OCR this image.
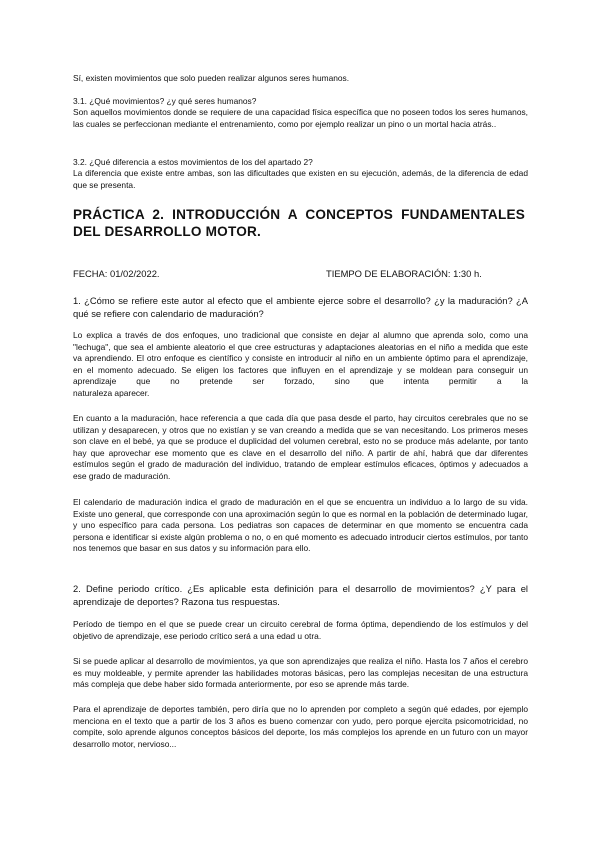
Sí, existen movimientos que solo pueden realizar algunos seres humanos.

3.1. ¿Qué movimientos? ¿y qué seres humanos?

Son aquellos movimientos donde se requiere de una capacidad física específica que no poseen todos los seres humanos, las cuales se perfeccionan mediante el entrenamiento, como por ejemplo realizar un pino o un mortal hacia atrás..

3.2. ¿Qué diferencia a estos movimientos de los del apartado 2?

La diferencia que existe entre ambas, son las dificultades que existen en su ejecución, además, de la diferencia de edad que se presenta.

PRÁCTICA 2. INTRODUCCIÓN A CONCEPTOS FUNDAMENTALES DEL DESARROLLO MOTOR.
FECHA: 01/02/2022.	TIEMPO DE ELABORACIÓN: 1:30 h.

1. ¿Cómo se refiere este autor al efecto que el ambiente ejerce sobre el desarrollo? ¿y la maduración? ¿A qué se refiere con calendario de maduración?

Lo explica a través de dos enfoques, uno tradicional que consiste en dejar al alumno que aprenda solo, como una "lechuga", que sea el ambiente aleatorio el que cree estructuras y adaptaciones aleatorias en el niño a medida que este va aprendiendo. El otro enfoque es científico y consiste en introducir al niño en un ambiente óptimo para el aprendizaje, en el momento adecuado. Se eligen los factores que influyen en el aprendizaje y se moldean para conseguir un aprendizaje que no pretende ser forzado, sino que intenta permitir a la

naturaleza aparecer.

En cuanto a la maduración, hace referencia a que cada día que pasa desde el parto, hay circuitos cerebrales que no se utilizan y desaparecen, y otros que no existían y se van creando a medida que se van necesitando. Los primeros meses son clave en el bebé, ya que se produce el duplicidad del volumen cerebral, esto no se produce más adelante, por tanto hay que aprovechar ese momento que es clave en el desarrollo del niño. A partir de ahí, habrá que dar diferentes estímulos según el grado de maduración del individuo, tratando de emplear estímulos eficaces, óptimos y adecuados a ese grado de maduración.

El calendario de maduración indica el grado de maduración en el que se encuentra un individuo a lo largo de su vida. Existe uno general, que corresponde con una aproximación según lo que es normal en la población de determinado lugar, y uno específico para cada persona. Los pediatras son capaces de determinar en que momento se encuentra cada persona e identificar si existe algún problema o no, o en qué momento es adecuado introducir ciertos estímulos, por tanto nos tenemos que basar en sus datos y su información para ello.

2. Define periodo crítico. ¿Es aplicable esta definición para el desarrollo de movimientos? ¿Y para el aprendizaje de deportes? Razona tus respuestas.

Período de tiempo en el que se puede crear un circuito cerebral de forma óptima, dependiendo de los estímulos y del objetivo de aprendizaje, ese periodo crítico será a una edad u otra.

Si se puede aplicar al desarrollo de movimientos, ya que son aprendizajes que realiza el niño. Hasta los 7 años el cerebro es muy moldeable, y permite aprender las habilidades motoras básicas, pero las complejas necesitan de una estructura más compleja que debe haber sido formada anteriormente, por eso se aprende más tarde.

Para el aprendizaje de deportes también, pero diría que no lo aprenden por completo a según qué edades, por ejemplo menciona en el texto que a partir de los 3 años es bueno comenzar con yudo, pero porque ejercita psicomotricidad, no compite, solo aprende algunos conceptos básicos del deporte, los más complejos los aprende en un futuro con un mayor desarrollo motor, nervioso...
